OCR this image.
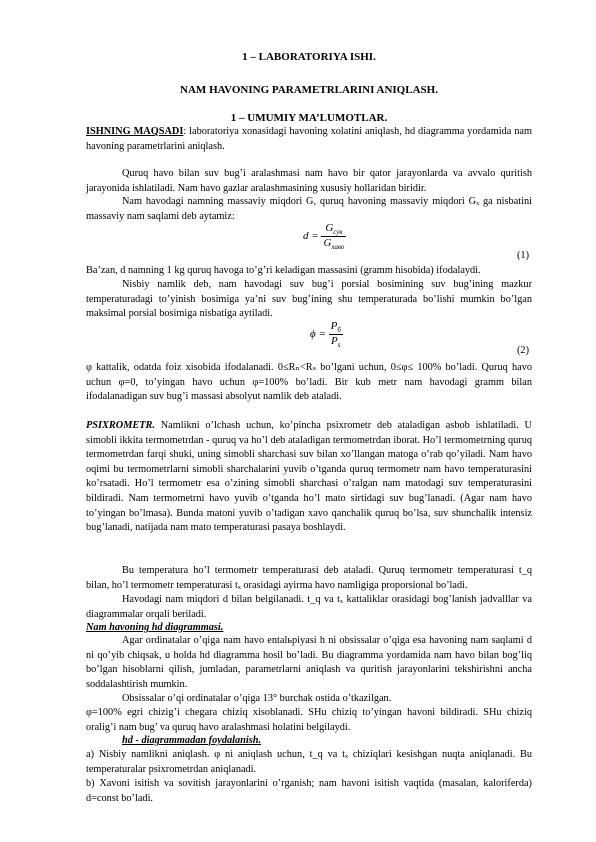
1 – LABORATORIYA ISHI.
NAM HAVONING PARAMETRLARINI ANIQLASH.
1 – UMUMIY MA’LUMOTLAR.
ISHNING MAQSADI: laboratoriya xonasidagi havoning xolatini aniqlash, hd diagramma yordamida nam havoning parametrlarini aniqlash.
Quruq havo bilan suv bug’i aralashmasi nam havo bir qator jarayonlarda va avvalo quritish jarayonida ishlatiladi. Nam havo gazlar aralashmasining xususiy hollaridan biridir.
Nam havodagi namning massaviy miqdori G, quruq havoning massaviy miqdori Gₓ ga nisbatini massaviy nam saqlami deb aytamiz:
$d = \frac{G_{сув}}{G_{хаво}}$
(1)
Ba’zan, d namning 1 kg quruq havoga to’g’ri keladigan massasini (gramm hisobida) ifodalaydi.
Nisbiy namlik deb, nam havodagi suv bug’i porsial bosimining suv bug’ining mazkur temperaturadagi to’yinish bosimiga ya’ni suv bug’ining shu temperaturada bo’lishi mumkin bo’lgan maksimal porsial bosimiga nisbatiga aytiladi.
$\phi = \frac{P_б}{P_s}$
(2)
φ kattalik, odatda foiz xisobida ifodalanadi. 0≤Rₙ<Rₛ bo’lgani uchun, 0≤φ≤ 100% bo’ladi. Quruq havo uchun φ=0, to’yingan havo uchun φ=100% bo’ladi. Bir kub metr nam havodagi gramm bilan ifodalanadigan suv bug’i massasi absolyut namlik deb ataladi.
PSIXROMETR. Namlikni o’lchash uchun, ko’pincha psixrometr deb ataladigan asbob ishlatiladi. U simobli ikkita termometrdan - quruq va ho’l deb ataladigan termometrdan iborat. Ho’l termometrning quruq termometrdan farqi shuki, uning simobli sharchasi suv bilan xo’llangan matoga o’rab qo’yiladi. Nam havo oqimi bu termometrlarni simobli sharchalarini yuvib o’tganda quruq termometr nam havo temperaturasini ko’rsatadi. Ho’l termometr esa o’zining simobli sharchasi o’ralgan nam matodagi suv temperaturasini bildiradi. Nam termometrni havo yuvib o’tganda ho’l mato sirtidagi suv bug’lanadi. (Agar nam havo to’yingan bo’lmasa). Bunda matoni yuvib o’tadigan xavo qanchalik quruq bo’lsa, suv shunchalik intensiz bug’lanadi, natijada nam mato temperaturasi pasaya boshlaydi.
Bu temperatura ho’l termometr temperaturasi deb ataladi. Quruq termometr temperaturasi t_q bilan, ho’l termometr temperaturasi tₓ orasidagi ayirma havo namligiga proporsional bo’ladi.
Havodagi nam miqdori d bilan belgilanadi. t_q va tₓ kattaliklar orasidagi bog’lanish jadvalllar va diagrammalar orqali beriladi.
Nam havoning hd diagrammasi.
Agar ordinatalar o’qiga nam havo entalьpiyasi h ni obsissalar o’qiga esa havoning nam saqlami d ni qo’yib chiqsak, u holda hd diagramma hosil bo’ladi. Bu diagramma yordamida nam havo bilan bog’liq bo’lgan hisoblarni qilish, jumladan, parametrlarni aniqlash va quritish jarayonlarini tekshirishni ancha soddalashtirish mumkin.
Obsissalar o’qi ordinatalar o’qiga 13° burchak ostida o’tkazilgan.
φ=100% egri chizig’i chegara chiziq xisoblanadi. SHu chiziq to’yingan havoni bildiradi. SHu chiziq oralig’i nam bug’ va quruq havo aralashmasi holatini belgilaydi.
hd - diagrammadan foydalanish.
a) Nisbiy namlikni aniqlash. φ ni aniqlash uchun, t_q va tₓ chiziqlari kesishgan nuqta aniqlanadi. Bu temperaturalar psixrometrdan aniqlanadi.
b) Xavoni isitish va sovitish jarayonlarini o’rganish; nam havoni isitish vaqtida (masalan, kaloriferda) d=const bo’ladi.
